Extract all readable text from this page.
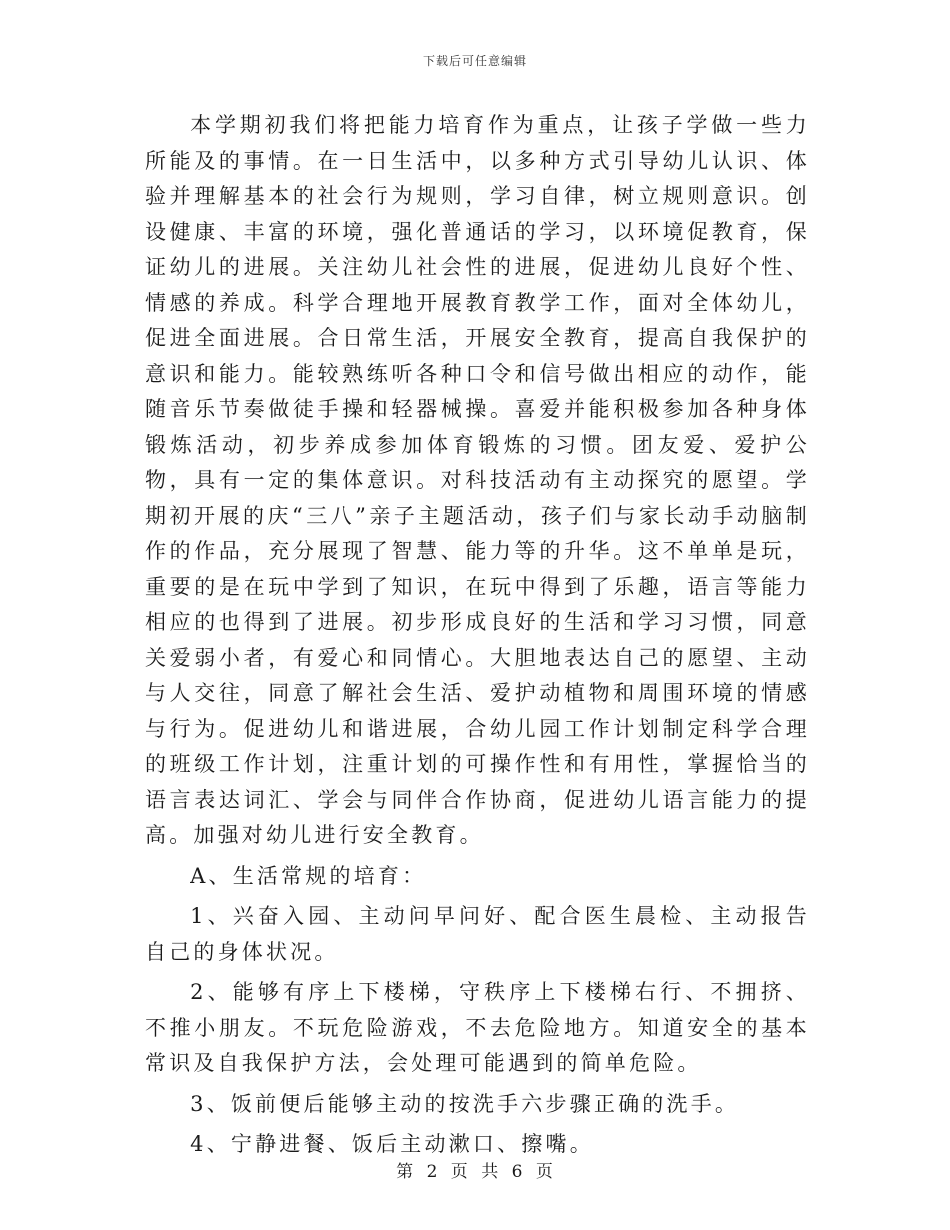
下载后可任意编辑

本学期初我们将把能力培育作为重点，让孩子学做一些力所能及的事情。在一日生活中，以多种方式引导幼儿认识、体验并理解基本的社会行为规则，学习自律，树立规则意识。创设健康、丰富的环境，强化普通话的学习，以环境促教育，保证幼儿的进展。关注幼儿社会性的进展，促进幼儿良好个性、情感的养成。科学合理地开展教育教学工作，面对全体幼儿，促进全面进展。合日常生活，开展安全教育，提高自我保护的意识和能力。能较熟练听各种口令和信号做出相应的动作，能随音乐节奏做徒手操和轻器械操。喜爱并能积极参加各种身体锻炼活动，初步养成参加体育锻炼的习惯。团友爱、爱护公物，具有一定的集体意识。对科技活动有主动探究的愿望。学期初开展的庆“三八”亲子主题活动，孩子们与家长动手动脑制作的作品，充分展现了智慧、能力等的升华。这不单单是玩，重要的是在玩中学到了知识，在玩中得到了乐趣，语言等能力相应的也得到了进展。初步形成良好的生活和学习习惯，同意关爱弱小者，有爱心和同情心。大胆地表达自己的愿望、主动与人交往，同意了解社会生活、爱护动植物和周围环境的情感与行为。促进幼儿和谐进展，合幼儿园工作计划制定科学合理的班级工作计划，注重计划的可操作性和有用性，掌握恰当的语言表达词汇、学会与同伴合作协商，促进幼儿语言能力的提高。加强对幼儿进行安全教育。

A、生活常规的培育：

1、兴奋入园、主动问早问好、配合医生晨检、主动报告自己的身体状况。

2、能够有序上下楼梯，守秩序上下楼梯右行、不拥挤、不推小朋友。不玩危险游戏，不去危险地方。知道安全的基本常识及自我保护方法，会处理可能遇到的简单危险。

3、饭前便后能够主动的按洗手六步骤正确的洗手。

4、宁静进餐、饭后主动漱口、擦嘴。

第 2 页 共 6 页
